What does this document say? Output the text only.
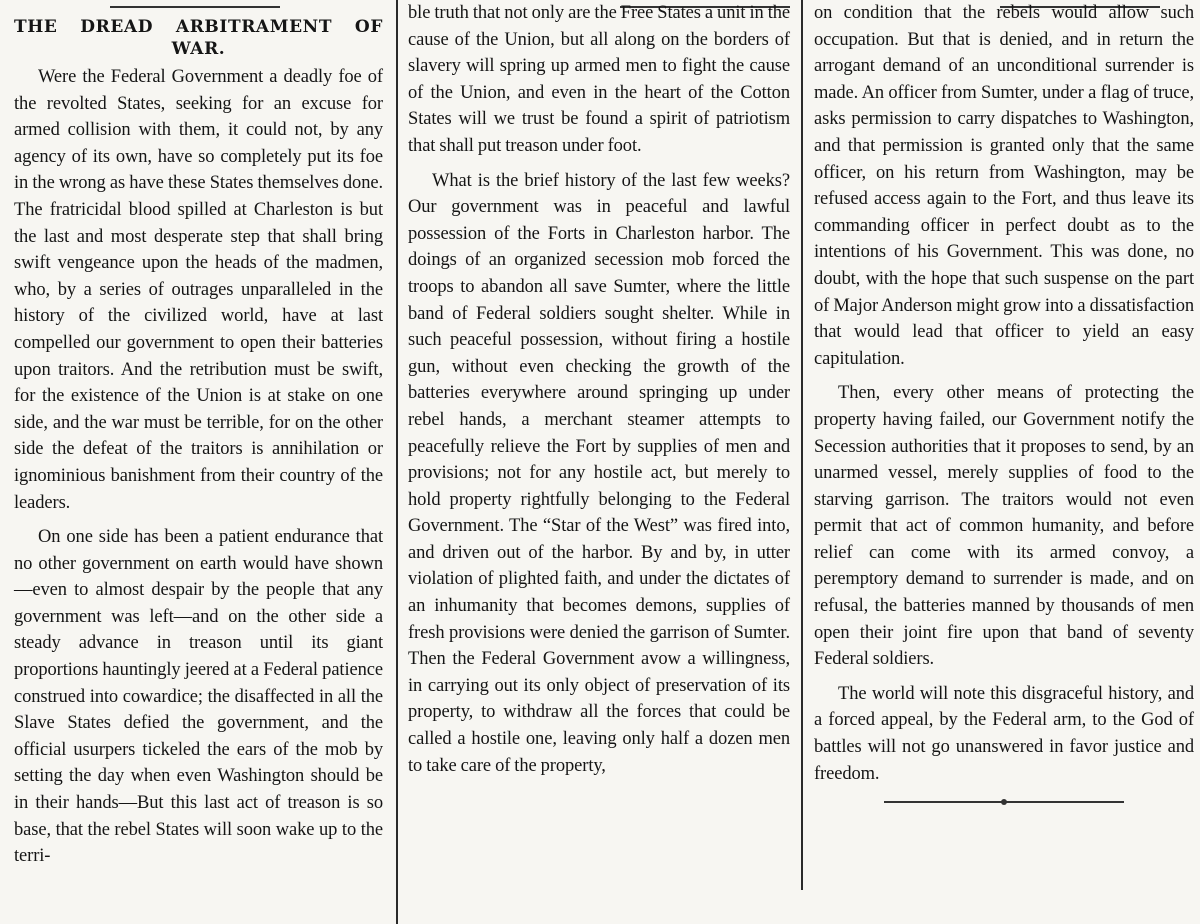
THE DREAD ARBITRAMENT OF
WAR.

Were the Federal Government a deadly foe of the revolted States, seeking for an excuse for armed collision with them, it could not, by any agency of its own, have so completely put its foe in the wrong as have these States themselves done. The fratricidal blood spilled at Charleston is but the last and most desperate step that shall bring swift vengeance upon the heads of the madmen, who, by a series of outrages unparalleled in the history of the civilized world, have at last compelled our government to open their batteries upon traitors. And the retribution must be swift, for the existence of the Union is at stake on one side, and the war must be terrible, for on the other side the defeat of the traitors is annihilation or ignominious banishment from their country of the leaders.

On one side has been a patient endurance that no other government on earth would have shown—even to almost despair by the people that any government was left—and on the other side a steady advance in treason until its giant proportions hauntingly jeered at a Federal patience construed into cowardice; the disaffected in all the Slave States defied the government, and the official usurpers tickeled the ears of the mob by setting the day when even Washington should be in their hands—But this last act of treason is so base, that the rebel States will soon wake up to the terri-

ble truth that not only are the Free States a unit in the cause of the Union, but all along on the borders of slavery will spring up armed men to fight the cause of the Union, and even in the heart of the Cotton States will we trust be found a spirit of patriotism that shall put treason under foot.

What is the brief history of the last few weeks? Our government was in peaceful and lawful possession of the Forts in Charleston harbor. The doings of an organized secession mob forced the troops to abandon all save Sumter, where the little band of Federal soldiers sought shelter. While in such peaceful possession, without firing a hostile gun, without even checking the growth of the batteries everywhere around springing up under rebel hands, a merchant steamer attempts to peacefully relieve the Fort by supplies of men and provisions; not for any hostile act, but merely to hold property rightfully belonging to the Federal Government. The “Star of the West” was fired into, and driven out of the harbor. By and by, in utter violation of plighted faith, and under the dictates of an inhumanity that becomes demons, supplies of fresh provisions were denied the garrison of Sumter. Then the Federal Government avow a willingness, in carrying out its only object of preservation of its property, to withdraw all the forces that could be called a hostile one, leaving only half a dozen men to take care of the property,

on condition that the rebels would allow such occupation. But that is denied, and in return the arrogant demand of an unconditional surrender is made. An officer from Sumter, under a flag of truce, asks permission to carry dispatches to Washington, and that permission is granted only that the same officer, on his return from Washington, may be refused access again to the Fort, and thus leave its commanding officer in perfect doubt as to the intentions of his Government. This was done, no doubt, with the hope that such suspense on the part of Major Anderson might grow into a dissatisfaction that would lead that officer to yield an easy capitulation.

Then, every other means of protecting the property having failed, our Government notify the Secession authorities that it proposes to send, by an unarmed vessel, merely supplies of food to the starving garrison. The traitors would not even permit that act of common humanity, and before relief can come with its armed convoy, a peremptory demand to surrender is made, and on refusal, the batteries manned by thousands of men open their joint fire upon that band of seventy Federal soldiers.

The world will note this disgraceful history, and a forced appeal, by the Federal arm, to the God of battles will not go unanswered in favor justice and freedom.
